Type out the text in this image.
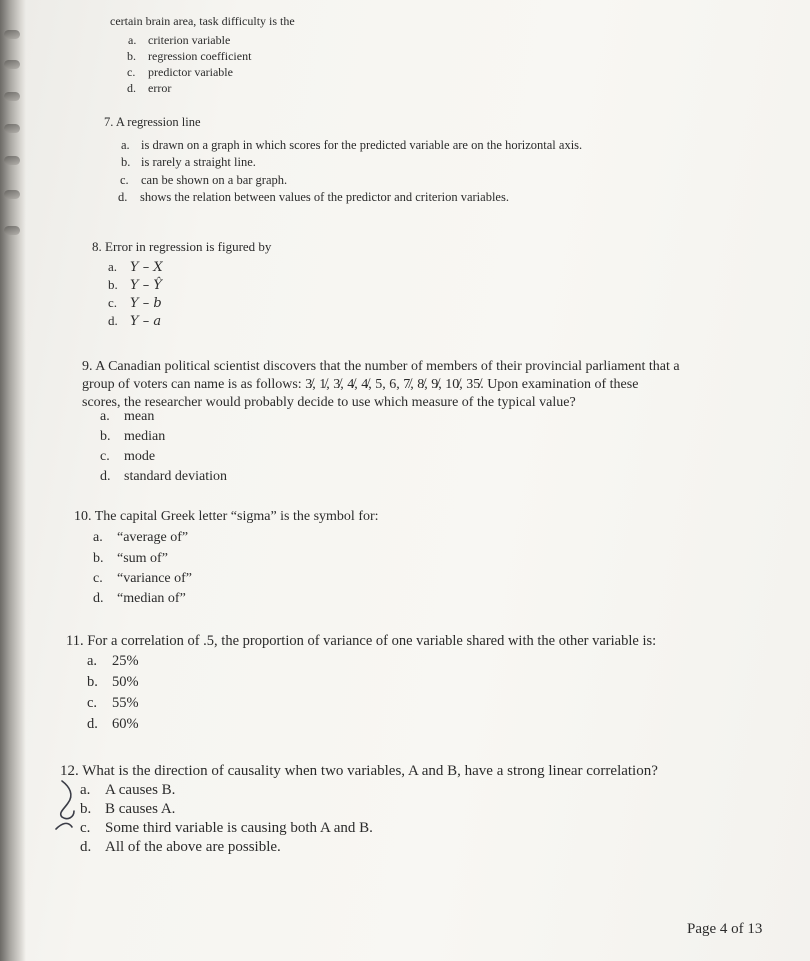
certain brain area, task difficulty is the
a. criterion variable
b. regression coefficient
c. predictor variable
d. error
7. A regression line
a. is drawn on a graph in which scores for the predicted variable are on the horizontal axis.
b. is rarely a straight line.
c. can be shown on a bar graph.
d. shows the relation between values of the predictor and criterion variables.
8. Error in regression is figured by
a. Y – X
b. Y – Ŷ
c. Y – b
d. Y – a
9. A Canadian political scientist discovers that the number of members of their provincial parliament that a
group of voters can name is as follows: 3̸, 1̸, 3̸, 4̸, 4̸, 5, 6, 7̸, 8̸, 9̸, 10̸, 35̸. Upon examination of these
scores, the researcher would probably decide to use which measure of the typical value?
a. mean
b. median
c. mode
d. standard deviation
10. The capital Greek letter “sigma” is the symbol for:
a. “average of”
b. “sum of”
c. “variance of”
d. “median of”
11. For a correlation of .5, the proportion of variance of one variable shared with the other variable is:
a. 25%
b. 50%
c. 55%
d. 60%
12. What is the direction of causality when two variables, A and B, have a strong linear correlation?
a. A causes B.
b. B causes A.
c. Some third variable is causing both A and B.
d. All of the above are possible.
Page 4 of 13
